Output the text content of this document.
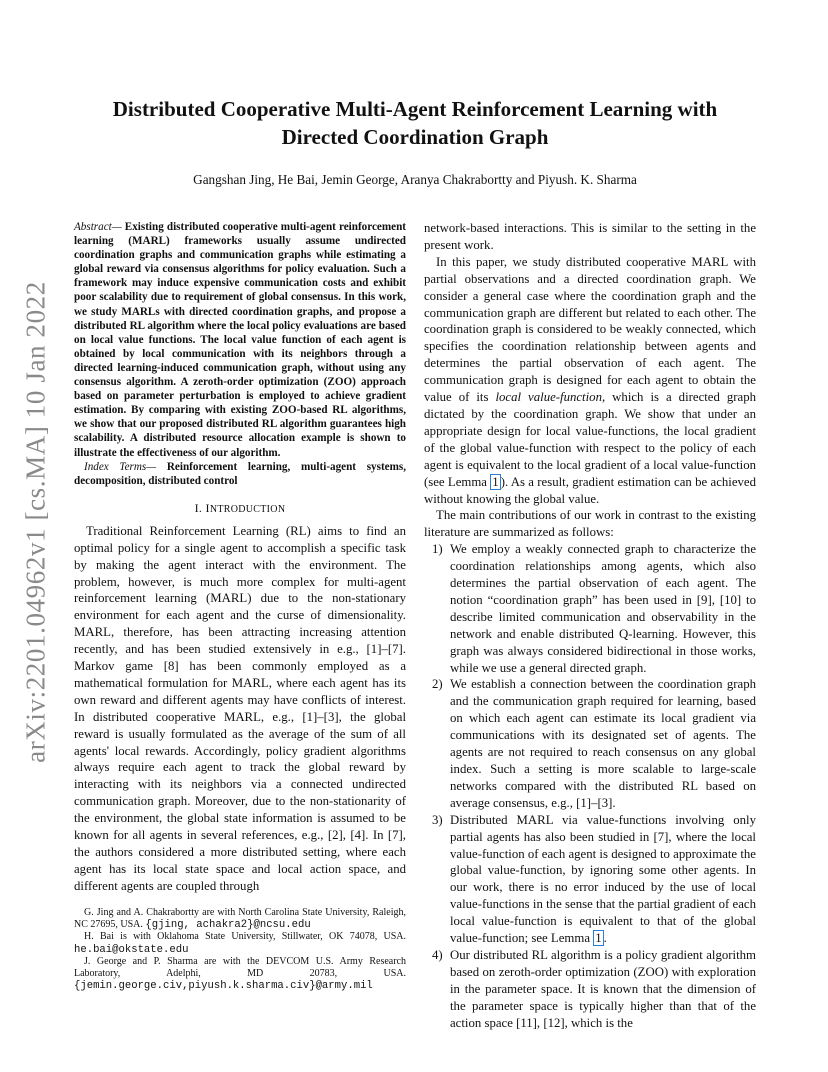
arXiv:2201.04962v1 [cs.MA] 10 Jan 2022
Distributed Cooperative Multi-Agent Reinforcement Learning with
Directed Coordination Graph
Gangshan Jing, He Bai, Jemin George, Aranya Chakrabortty and Piyush. K. Sharma

Abstract— Existing distributed cooperative multi-agent reinforcement learning (MARL) frameworks usually assume undirected coordination graphs and communication graphs while estimating a global reward via consensus algorithms for policy evaluation. Such a framework may induce expensive communication costs and exhibit poor scalability due to requirement of global consensus. In this work, we study MARLs with directed coordination graphs, and propose a distributed RL algorithm where the local policy evaluations are based on local value functions. The local value function of each agent is obtained by local communication with its neighbors through a directed learning-induced communication graph, without using any consensus algorithm. A zeroth-order optimization (ZOO) approach based on parameter perturbation is employed to achieve gradient estimation. By comparing with existing ZOO-based RL algorithms, we show that our proposed distributed RL algorithm guarantees high scalability. A distributed resource allocation example is shown to illustrate the effectiveness of our algorithm.

Index Terms— Reinforcement learning, multi-agent systems, decomposition, distributed control

I. INTRODUCTION

Traditional Reinforcement Learning (RL) aims to find an optimal policy for a single agent to accomplish a specific task by making the agent interact with the environment. The problem, however, is much more complex for multi-agent reinforcement learning (MARL) due to the non-stationary environment for each agent and the curse of dimensionality. MARL, therefore, has been attracting increasing attention recently, and has been studied extensively in e.g., [1]–[7]. Markov game [8] has been commonly employed as a mathematical formulation for MARL, where each agent has its own reward and different agents may have conflicts of interest. In distributed cooperative MARL, e.g., [1]–[3], the global reward is usually formulated as the average of the sum of all agents' local rewards. Accordingly, policy gradient algorithms always require each agent to track the global reward by interacting with its neighbors via a connected undirected communication graph. Moreover, due to the non-stationarity of the environment, the global state information is assumed to be known for all agents in several references, e.g., [2], [4]. In [7], the authors considered a more distributed setting, where each agent has its local state space and local action space, and different agents are coupled through

network-based interactions. This is similar to the setting in the present work.

In this paper, we study distributed cooperative MARL with partial observations and a directed coordination graph. We consider a general case where the coordination graph and the communication graph are different but related to each other. The coordination graph is considered to be weakly connected, which specifies the coordination relationship between agents and determines the partial observation of each agent. The communication graph is designed for each agent to obtain the value of its local value-function, which is a directed graph dictated by the coordination graph. We show that under an appropriate design for local value-functions, the local gradient of the global value-function with respect to the policy of each agent is equivalent to the local gradient of a local value-function (see Lemma 1 ). As a result, gradient estimation can be achieved without knowing the global value.

The main contributions of our work in contrast to the existing literature are summarized as follows:

1) We employ a weakly connected graph to characterize the coordination relationships among agents, which also determines the partial observation of each agent. The notion “coordination graph” has been used in [9], [10] to describe limited communication and observability in the network and enable distributed Q-learning. However, this graph was always considered bidirectional in those works, while we use a general directed graph.
2) We establish a connection between the coordination graph and the communication graph required for learning, based on which each agent can estimate its local gradient via communications with its designated set of agents. The agents are not required to reach consensus on any global index. Such a setting is more scalable to large-scale networks compared with the distributed RL based on average consensus, e.g., [1]–[3].
3) Distributed MARL via value-functions involving only partial agents has also been studied in [7], where the local value-function of each agent is designed to approximate the global value-function, by ignoring some other agents. In our work, there is no error induced by the use of local value-functions in the sense that the partial gradient of each local value-function is equivalent to that of the global value-function; see Lemma 1 .
4) Our distributed RL algorithm is a policy gradient algorithm based on zeroth-order optimization (ZOO) with exploration in the parameter space. It is known that the dimension of the parameter space is typically higher than that of the action space [11], [12], which is the

G. Jing and A. Chakrabortty are with North Carolina State University, Raleigh, NC 27695, USA. {gjing, achakra2}@ncsu.edu

H. Bai is with Oklahoma State University, Stillwater, OK 74078, USA. he.bai@okstate.edu

J. George and P. Sharma are with the DEVCOM U.S. Army Research Laboratory, Adelphi, MD 20783, USA. {jemin.george.civ,piyush.k.sharma.civ}@army.mil
